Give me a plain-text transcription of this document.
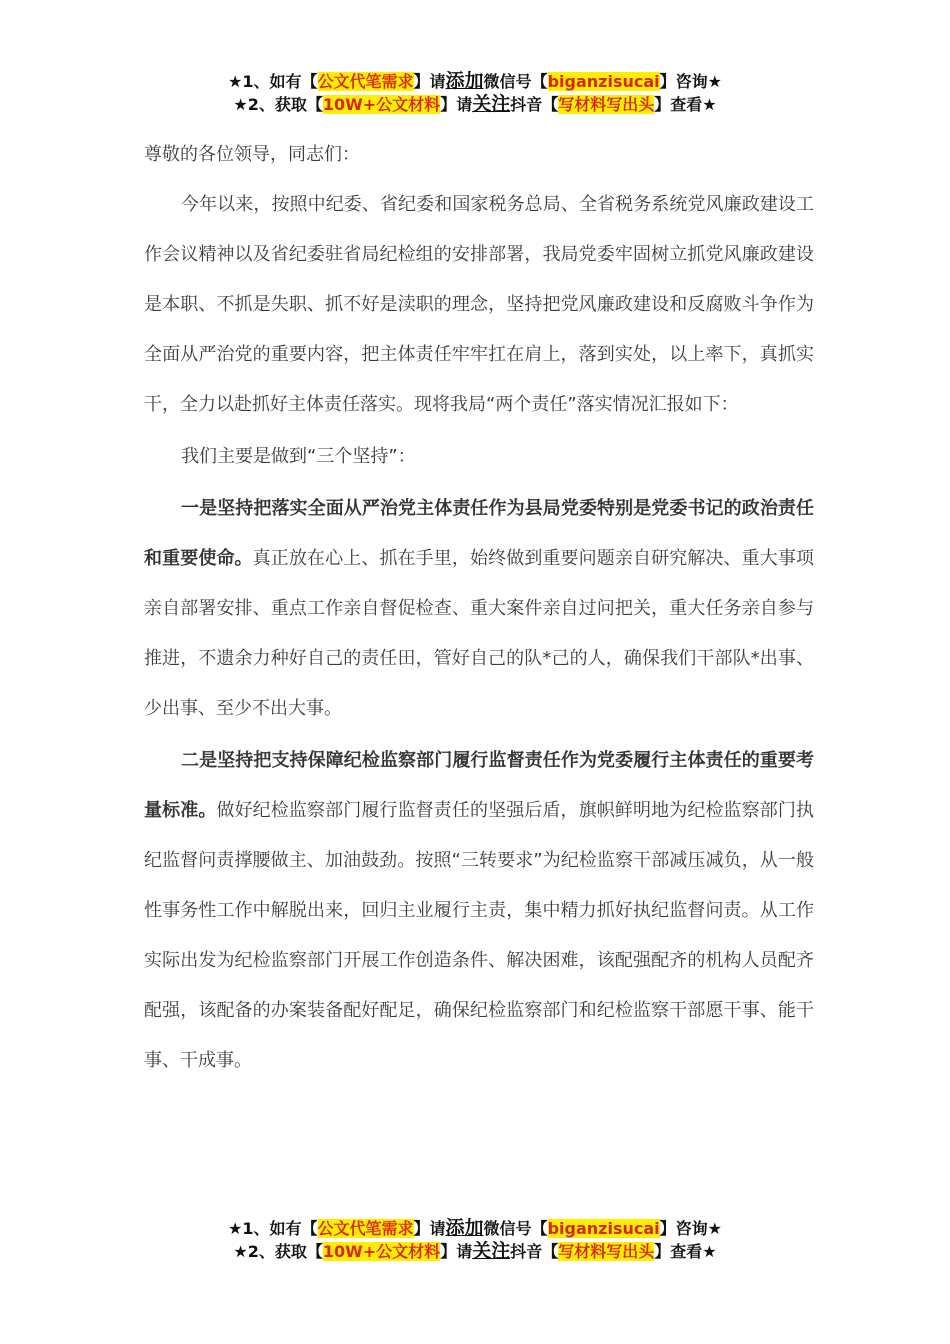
★1、如有【公文代笔需求】请添加微信号【biganzisucai】咨询★
★2、获取【10W+公文材料】请关注抖音【写材料写出头】查看★

尊敬的各位领导，同志们：

今年以来，按照中纪委、省纪委和国家税务总局、全省税务系统党风廉政建设工作会议精神以及省纪委驻省局纪检组的安排部署，我局党委牢固树立抓党风廉政建设是本职、不抓是失职、抓不好是渎职的理念，坚持把党风廉政建设和反腐败斗争作为全面从严治党的重要内容，把主体责任牢牢扛在肩上，落到实处，以上率下，真抓实干，全力以赴抓好主体责任落实。现将我局“两个责任”落实情况汇报如下：

我们主要是做到“三个坚持”：

一是坚持把落实全面从严治党主体责任作为县局党委特别是党委书记的政治责任和重要使命。真正放在心上、抓在手里，始终做到重要问题亲自研究解决、重大事项亲自部署安排、重点工作亲自督促检查、重大案件亲自过问把关，重大任务亲自参与推进，不遗余力种好自己的责任田，管好自己的队*己的人，确保我们干部队*出事、少出事、至少不出大事。

二是坚持把支持保障纪检监察部门履行监督责任作为党委履行主体责任的重要考量标准。做好纪检监察部门履行监督责任的坚强后盾，旗帜鲜明地为纪检监察部门执纪监督问责撑腰做主、加油鼓劲。按照“三转要求”为纪检监察干部减压减负，从一般性事务性工作中解脱出来，回归主业履行主责，集中精力抓好执纪监督问责。从工作实际出发为纪检监察部门开展工作创造条件、解决困难，该配强配齐的机构人员配齐配强，该配备的办案装备配好配足，确保纪检监察部门和纪检监察干部愿干事、能干事、干成事。

★1、如有【公文代笔需求】请添加微信号【biganzisucai】咨询★
★2、获取【10W+公文材料】请关注抖音【写材料写出头】查看★
